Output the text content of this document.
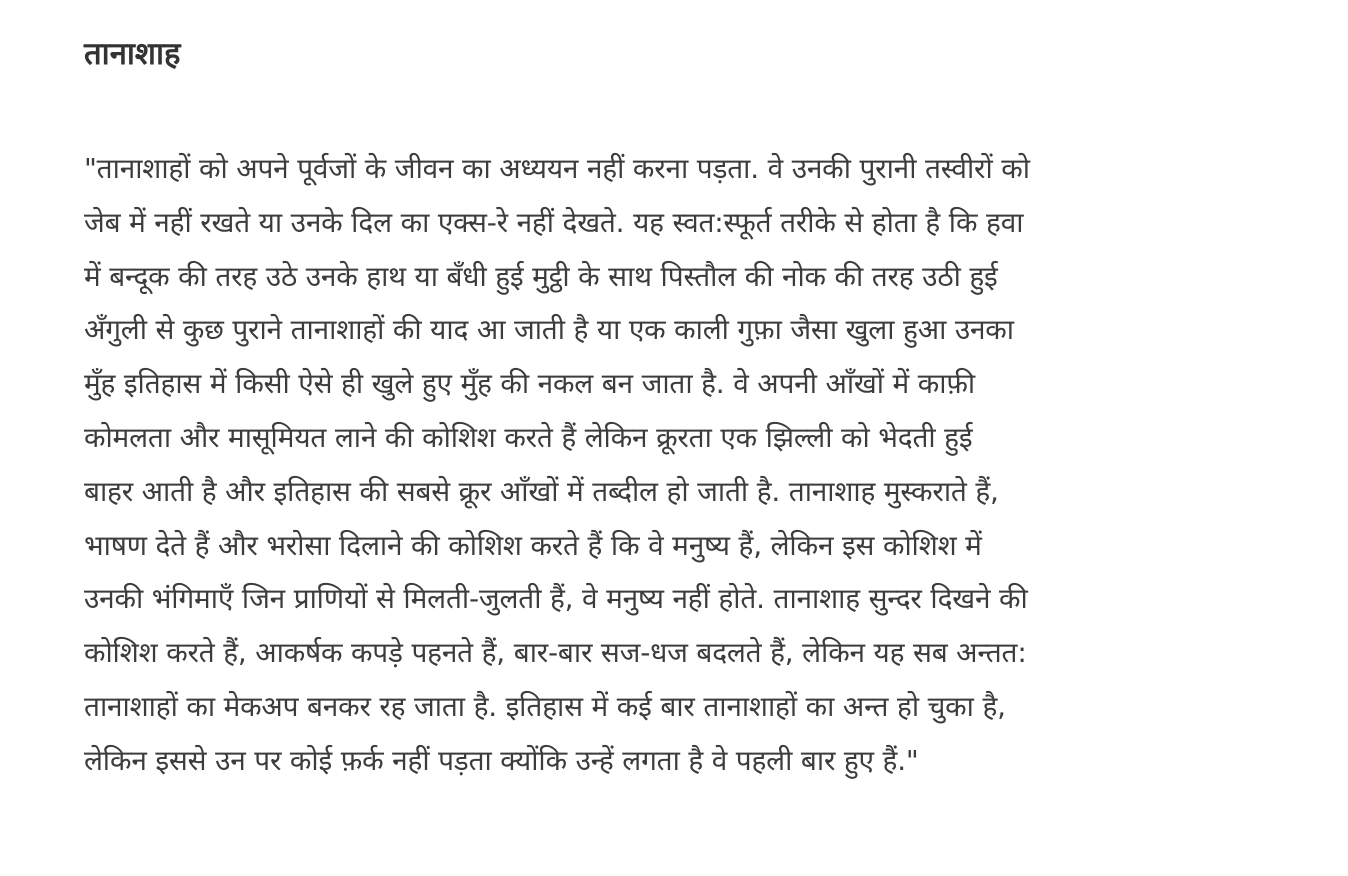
तानाशाह
"तानाशाहों को अपने पूर्वजों के जीवन का अध्ययन नहीं करना पड़ता. वे उनकी पुरानी तस्वीरों को
जेब में नहीं रखते या उनके दिल का एक्स-रे नहीं देखते. यह स्वत:स्फूर्त तरीके से होता है कि हवा
में बन्दूक की तरह उठे उनके हाथ या बँधी हुई मुट्ठी के साथ पिस्तौल की नोक की तरह उठी हुई
अँगुली से कुछ पुराने तानाशाहों की याद आ जाती है या एक काली गुफ़ा जैसा खुला हुआ उनका
मुँह इतिहास में किसी ऐसे ही खुले हुए मुँह की नकल बन जाता है. वे अपनी आँखों में काफ़ी
कोमलता और मासूमियत लाने की कोशिश करते हैं लेकिन क्रूरता एक झिल्ली को भेदती हुई
बाहर आती है और इतिहास की सबसे क्रूर आँखों में तब्दील हो जाती है. तानाशाह मुस्कराते हैं,
भाषण देते हैं और भरोसा दिलाने की कोशिश करते हैं कि वे मनुष्य हैं, लेकिन इस कोशिश में
उनकी भंगिमाएँ जिन प्राणियों से मिलती-जुलती हैं, वे मनुष्य नहीं होते. तानाशाह सुन्दर दिखने की
कोशिश करते हैं, आकर्षक कपड़े पहनते हैं, बार-बार सज-धज बदलते हैं, लेकिन यह सब अन्तत:
तानाशाहों का मेकअप बनकर रह जाता है. इतिहास में कई बार तानाशाहों का अन्त हो चुका है,
लेकिन इससे उन पर कोई फ़र्क नहीं पड़ता क्योंकि उन्हें लगता है वे पहली बार हुए हैं."
